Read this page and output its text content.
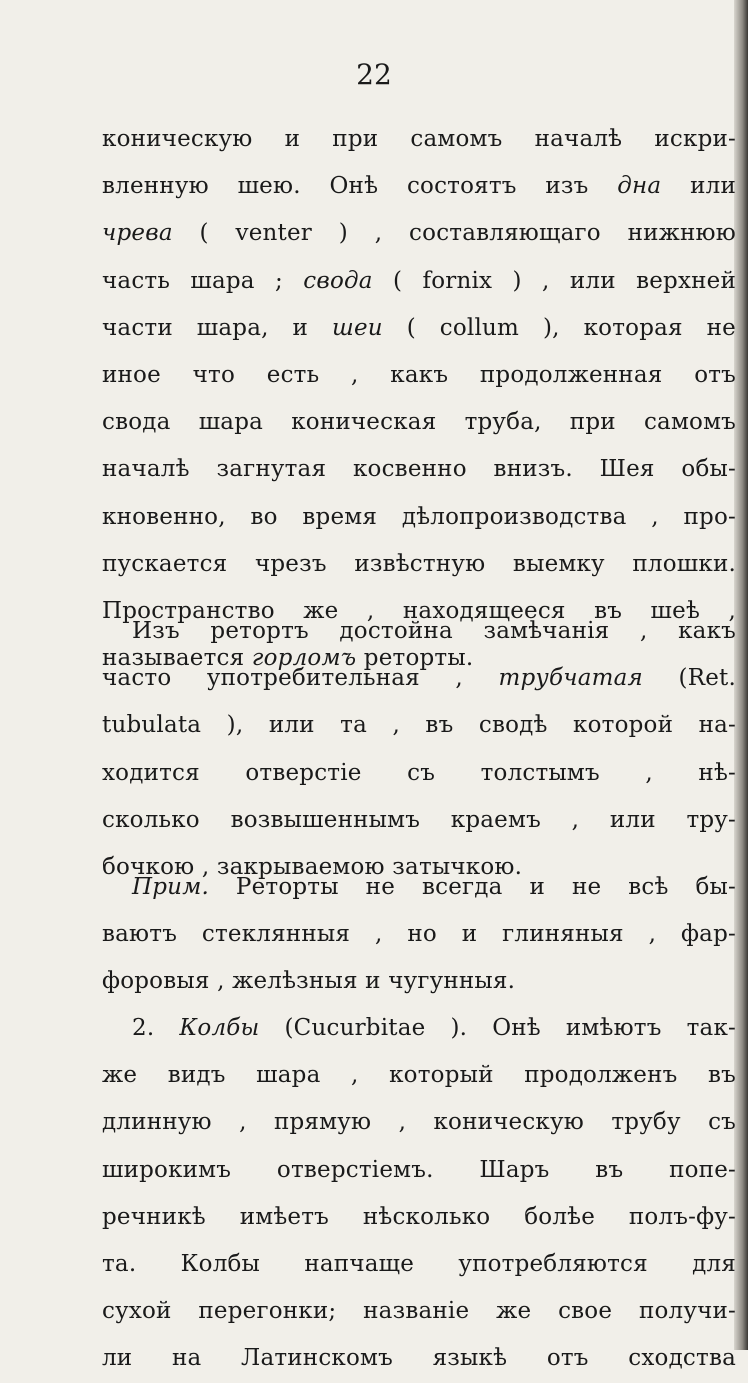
22
коническую и при самомъ началѣ искри-
вленную шею. Онѣ состоятъ изъ дна или
чрева ( venter ) , составляющаго нижнюю
часть шара ; свода ( fornix ) , или верхней
части шара, и шеи ( collum ), которая не
иное что есть , какъ продолженная отъ
свода шара коническая труба, при самомъ
началѣ загнутая косвенно внизъ. Шея обы-
кновенно, во время дѣлопроизводства , про-
пускается чрезъ извѣстную выемку плошки.
Пространство же , находящееся въ шеѣ ,
называется горломъ реторты.
Изъ ретортъ достойна замѣчанія , какъ
часто употребительная , трубчатая (Ret.
tubulata ), или та , въ сводѣ которой на-
ходится отверстіе съ толстымъ , нѣ-
сколько возвышеннымъ краемъ , или тру-
бочкою , закрываемою затычкою.
Прим. Реторты не всегда и не всѣ бы-
ваютъ стеклянныя , но и глиняныя , фар-
форовыя , желѣзныя и чугунныя.
2. Колбы (Cucurbitae ). Онѣ имѣютъ так-
же видъ шара , который продолженъ въ
длинную , прямую , коническую трубу съ
широкимъ отверстіемъ. Шаръ въ попе-
речникѣ имѣетъ нѣсколько болѣе полъ-фу-
та. Колбы напчаще употребляются для
сухой перегонки; названіе же свое получи-
ли на Латинскомъ языкѣ отъ сходства
